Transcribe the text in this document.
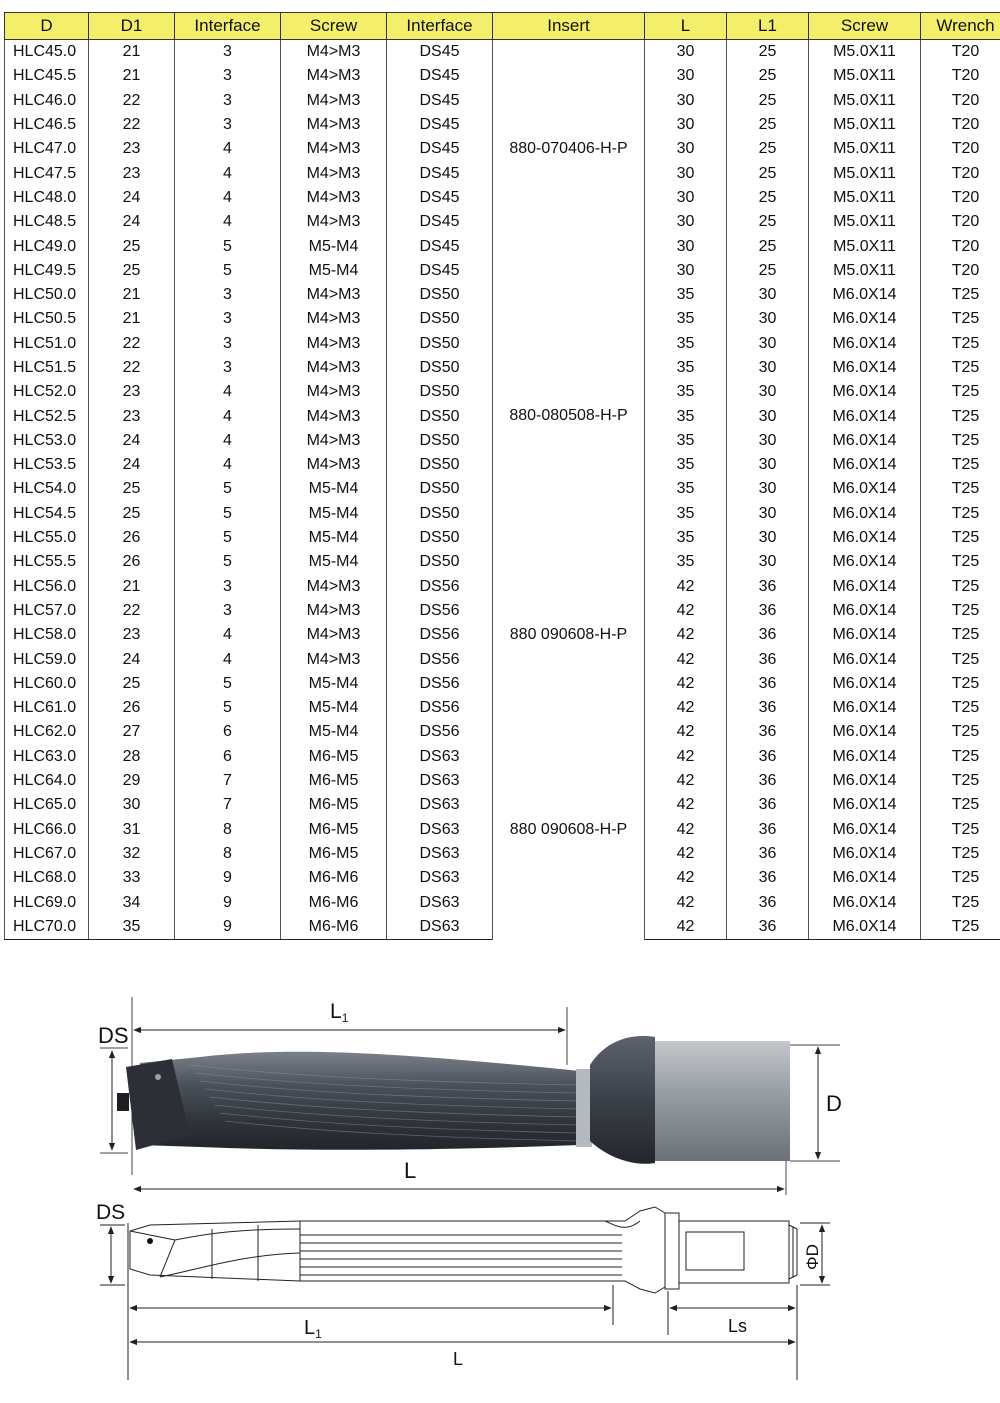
D	D1	Interface	Screw	Interface	Insert	L	L1	Screw	Wrench
HLC45.0	21	3	M4>M3	DS45	880-070406-H-P	30	25	M5.0X11	T20
HLC45.5	21	3	M4>M3	DS45		30	25	M5.0X11	T20
HLC46.0	22	3	M4>M3	DS45		30	25	M5.0X11	T20
HLC46.5	22	3	M4>M3	DS45		30	25	M5.0X11	T20
HLC47.0	23	4	M4>M3	DS45		30	25	M5.0X11	T20
HLC47.5	23	4	M4>M3	DS45		30	25	M5.0X11	T20
HLC48.0	24	4	M4>M3	DS45		30	25	M5.0X11	T20
HLC48.5	24	4	M4>M3	DS45		30	25	M5.0X11	T20
HLC49.0	25	5	M5-M4	DS45		30	25	M5.0X11	T20
HLC49.5	25	5	M5-M4	DS45		30	25	M5.0X11	T20
HLC50.0	21	3	M4>M3	DS50	880-080508-H-P	35	30	M6.0X14	T25
HLC50.5	21	3	M4>M3	DS50		35	30	M6.0X14	T25
HLC51.0	22	3	M4>M3	DS50		35	30	M6.0X14	T25
HLC51.5	22	3	M4>M3	DS50		35	30	M6.0X14	T25
HLC52.0	23	4	M4>M3	DS50		35	30	M6.0X14	T25
HLC52.5	23	4	M4>M3	DS50		35	30	M6.0X14	T25
HLC53.0	24	4	M4>M3	DS50		35	30	M6.0X14	T25
HLC53.5	24	4	M4>M3	DS50		35	30	M6.0X14	T25
HLC54.0	25	5	M5-M4	DS50		35	30	M6.0X14	T25
HLC54.5	25	5	M5-M4	DS50		35	30	M6.0X14	T25
HLC55.0	26	5	M5-M4	DS50		35	30	M6.0X14	T25
HLC55.5	26	5	M5-M4	DS50		35	30	M6.0X14	T25
HLC56.0	21	3	M4>M3	DS56	880 090608-H-P	42	36	M6.0X14	T25
HLC57.0	22	3	M4>M3	DS56		42	36	M6.0X14	T25
HLC58.0	23	4	M4>M3	DS56		42	36	M6.0X14	T25
HLC59.0	24	4	M4>M3	DS56		42	36	M6.0X14	T25
HLC60.0	25	5	M5-M4	DS56		42	36	M6.0X14	T25
HLC61.0	26	5	M5-M4	DS56		42	36	M6.0X14	T25
HLC62.0	27	6	M5-M4	DS56		42	36	M6.0X14	T25
HLC63.0	28	6	M6-M5	DS63	880 090608-H-P	42	36	M6.0X14	T25
HLC64.0	29	7	M6-M5	DS63		42	36	M6.0X14	T25
HLC65.0	30	7	M6-M5	DS63		42	36	M6.0X14	T25
HLC66.0	31	8	M6-M5	DS63		42	36	M6.0X14	T25
HLC67.0	32	8	M6-M5	DS63		42	36	M6.0X14	T25
HLC68.0	33	9	M6-M6	DS63		42	36	M6.0X14	T25
HLC69.0	34	9	M6-M6	DS63		42	36	M6.0X14	T25
HLC70.0	35	9	M6-M6	DS63		42	36	M6.0X14	T25
DS
L1
L
D
DS
$L_1$	Ls
L
ΦD
